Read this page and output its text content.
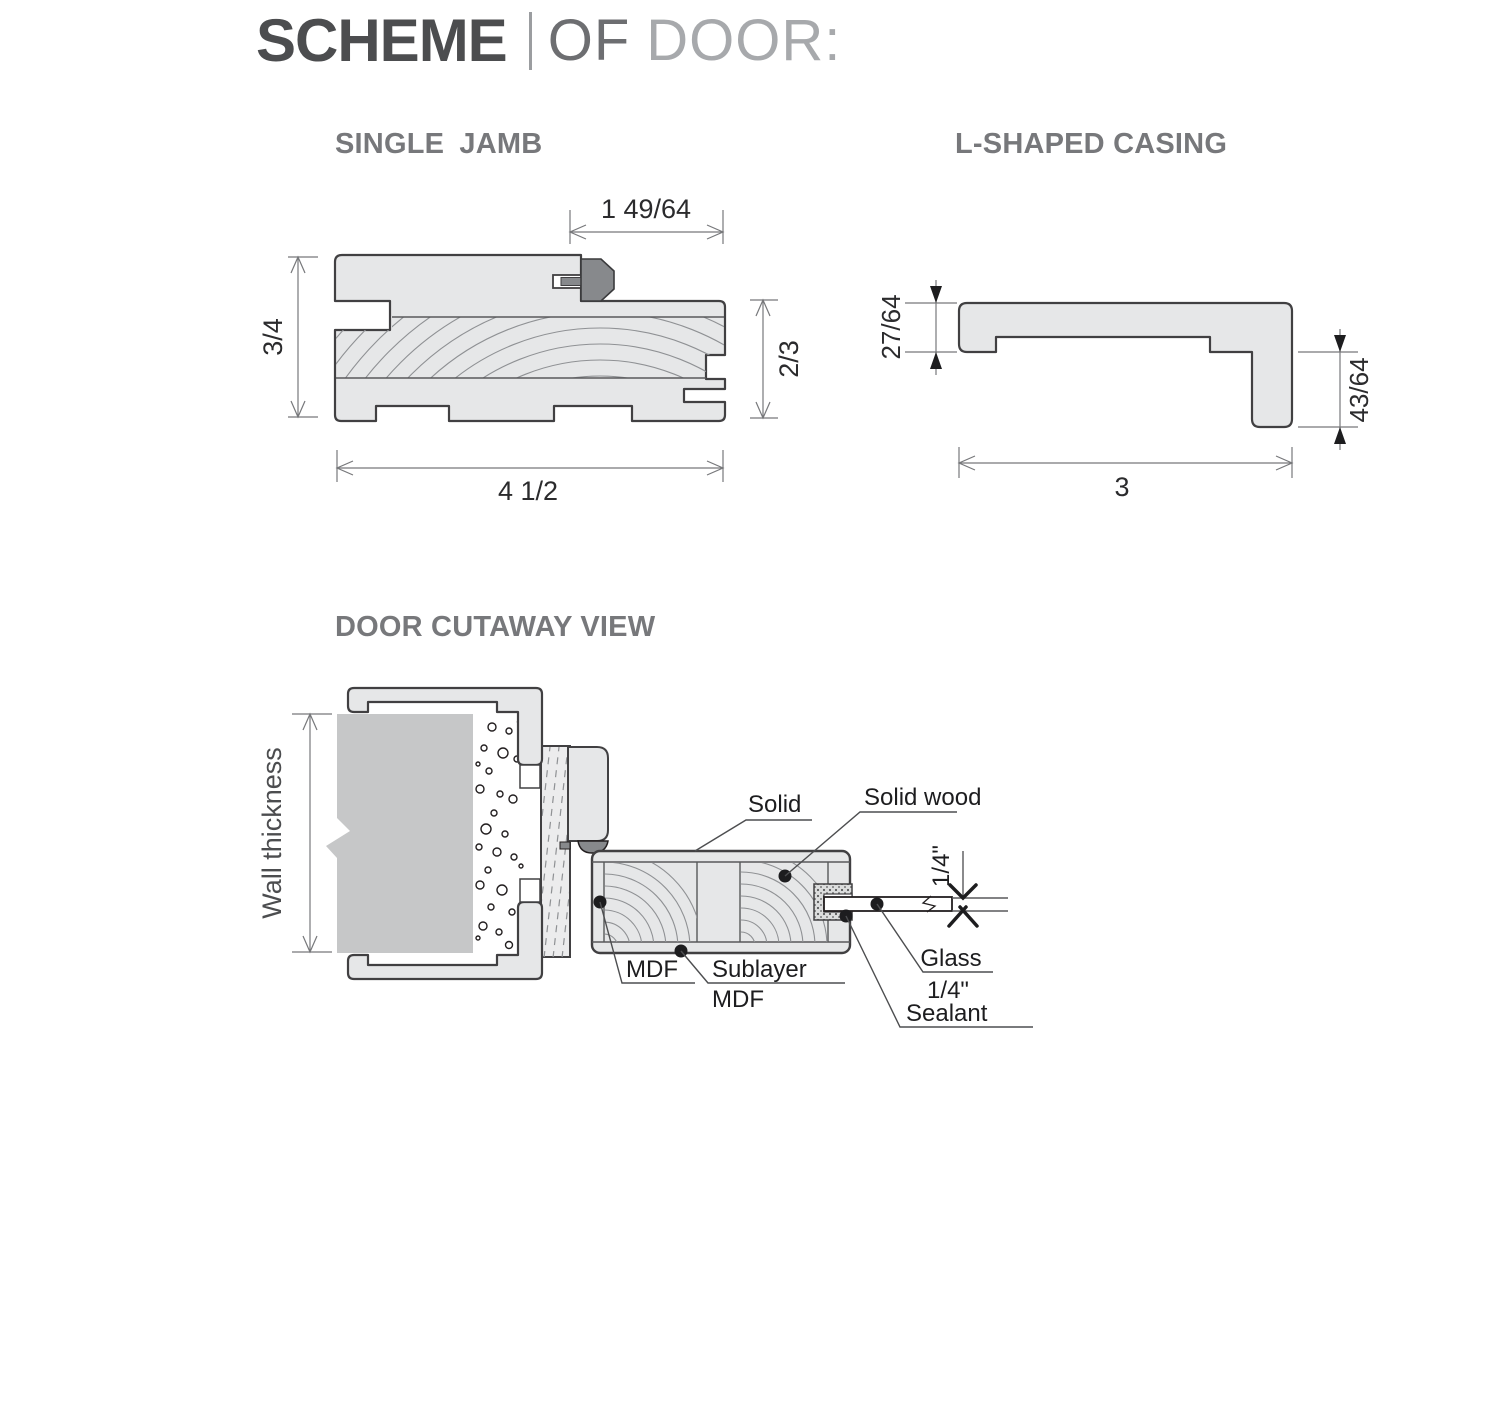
SCHEME OF DOOR:
SINGLE JAMB	L-SHAPED CASING
DOOR CUTAWAY VIEW
1 49/64
3/4
2/3
4 1/2
27/64
43/64
3
Wall thickness	1/4"
Solid	Solid wood
MDF Sublayer
MDF
Glass
1/4"
Sealant
